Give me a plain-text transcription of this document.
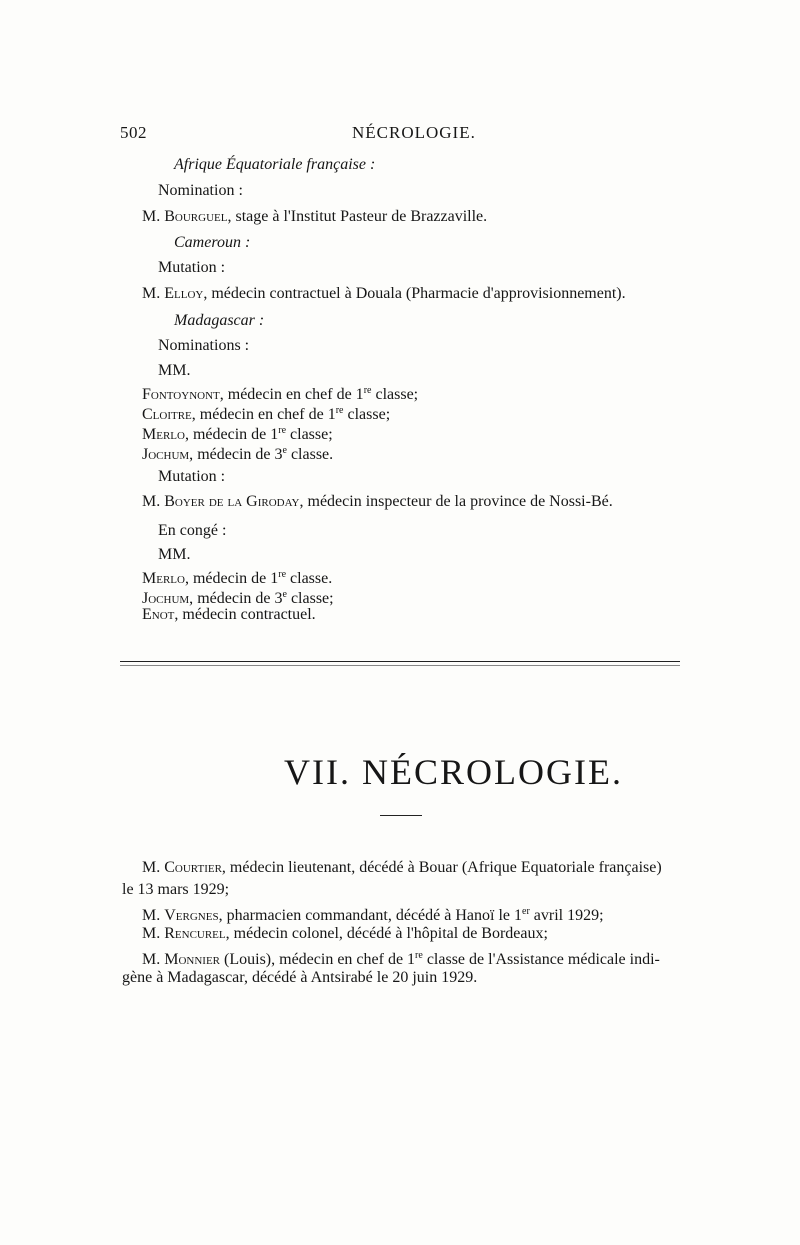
502	NÉCROLOGIE.
Afrique Équatoriale française :
Nomination :
M. Bourguel, stage à l'Institut Pasteur de Brazzaville.
Cameroun :
Mutation :
M. Elloy, médecin contractuel à Douala (Pharmacie d'approvisionnement).
Madagascar :
Nominations :
MM.
Fontoynont, médecin en chef de 1re classe;
Cloitre, médecin en chef de 1re classe;
Merlo, médecin de 1re classe;
Jochum, médecin de 3e classe.
Mutation :
M. Boyer de la Giroday, médecin inspecteur de la province de Nossi-Bé.
En congé :
MM.
Merlo, médecin de 1re classe.
Jochum, médecin de 3e classe;
Enot, médecin contractuel.
VII. NÉCROLOGIE.
M. Courtier, médecin lieutenant, décédé à Bouar (Afrique Equatoriale française)
le 13 mars 1929;
M. Vergnes, pharmacien commandant, décédé à Hanoï le 1er avril 1929;
M. Rencurel, médecin colonel, décédé à l'hôpital de Bordeaux;
M. Monnier (Louis), médecin en chef de 1re classe de l'Assistance médicale indi-
gène à Madagascar, décédé à Antsirabé le 20 juin 1929.
